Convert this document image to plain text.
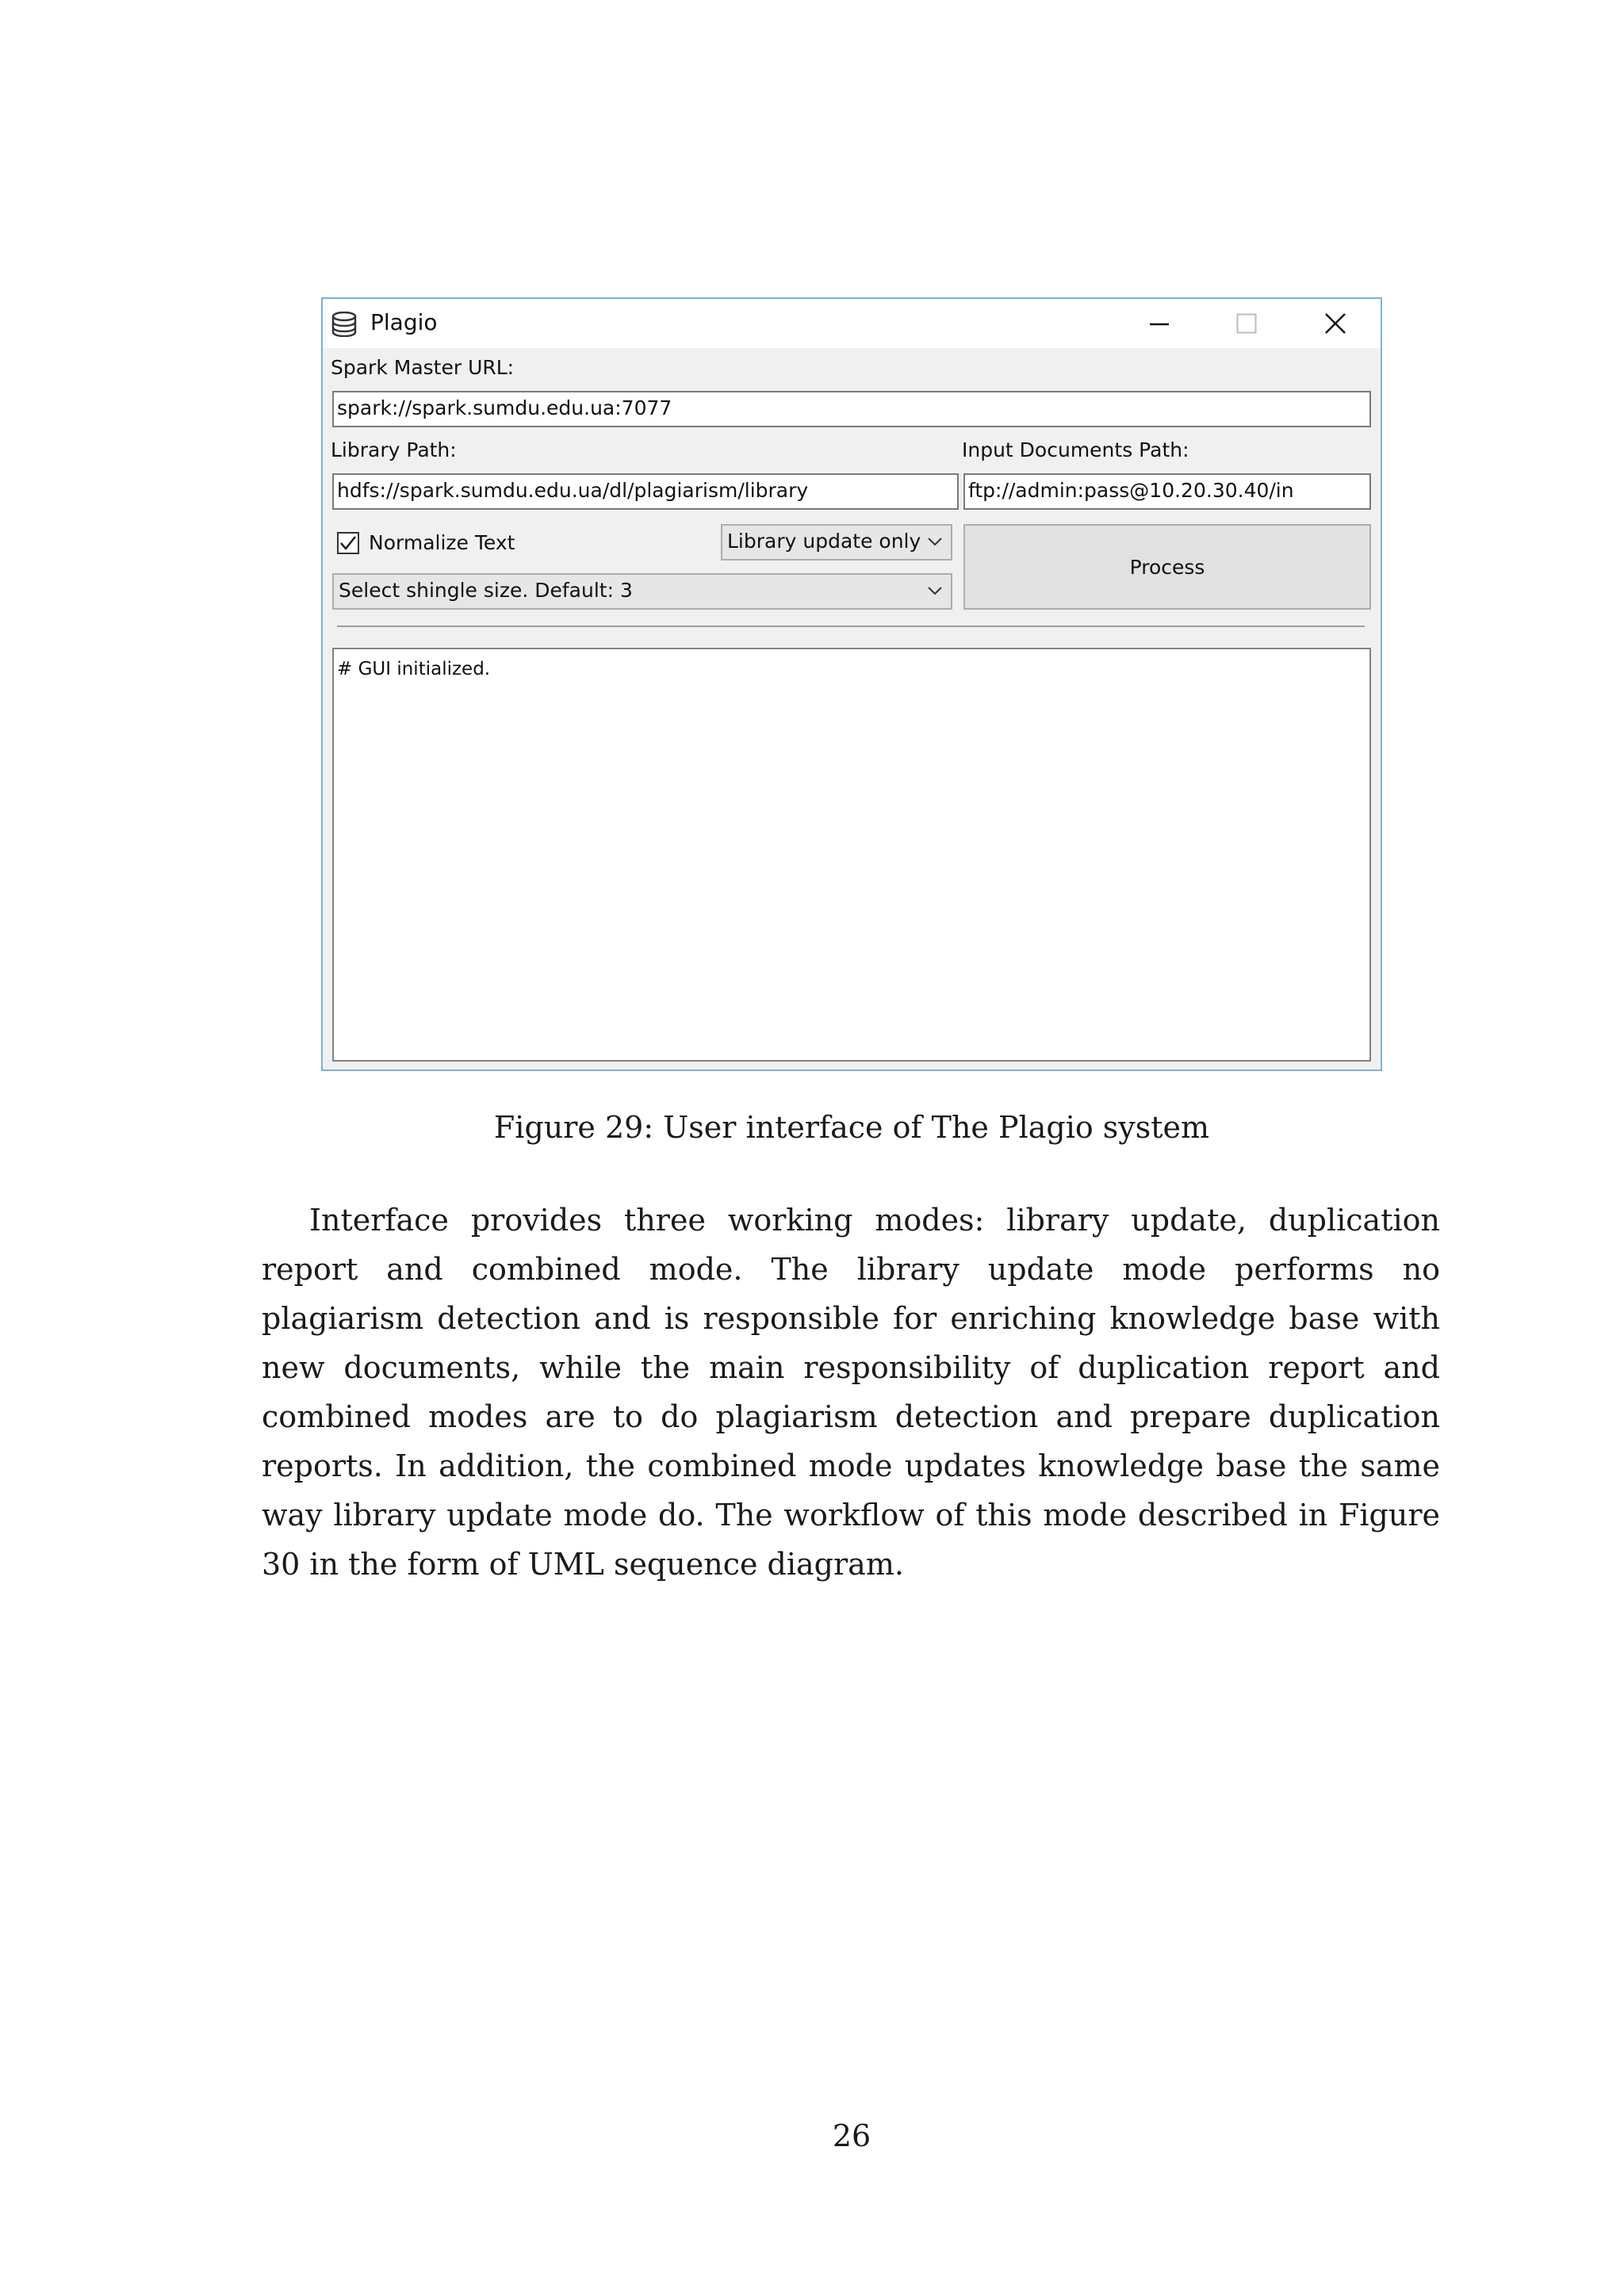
Plagio
Spark Master URL:
spark://spark.sumdu.edu.ua:7077
Library Path:
hdfs://spark.sumdu.edu.ua/dl/plagiarism/library
Input Documents Path:
ftp://admin:pass@10.20.30.40/in
Normalize Text	Library update only
Select shingle size. Default: 3
Process
# GUI initialized.
Figure 29: User interface of The Plagio system
Interface provides three working modes: library update, duplication report and combined mode. The library update mode performs no plagiarism detection and is responsible for enriching knowledge base with new documents, while the main responsibility of duplication report and combined modes are to do plagiarism detection and prepare duplication reports. In addition, the combined mode updates knowledge base the same way library update mode do. The workflow of this mode described in Figure 30 in the form of UML sequence diagram.
26
